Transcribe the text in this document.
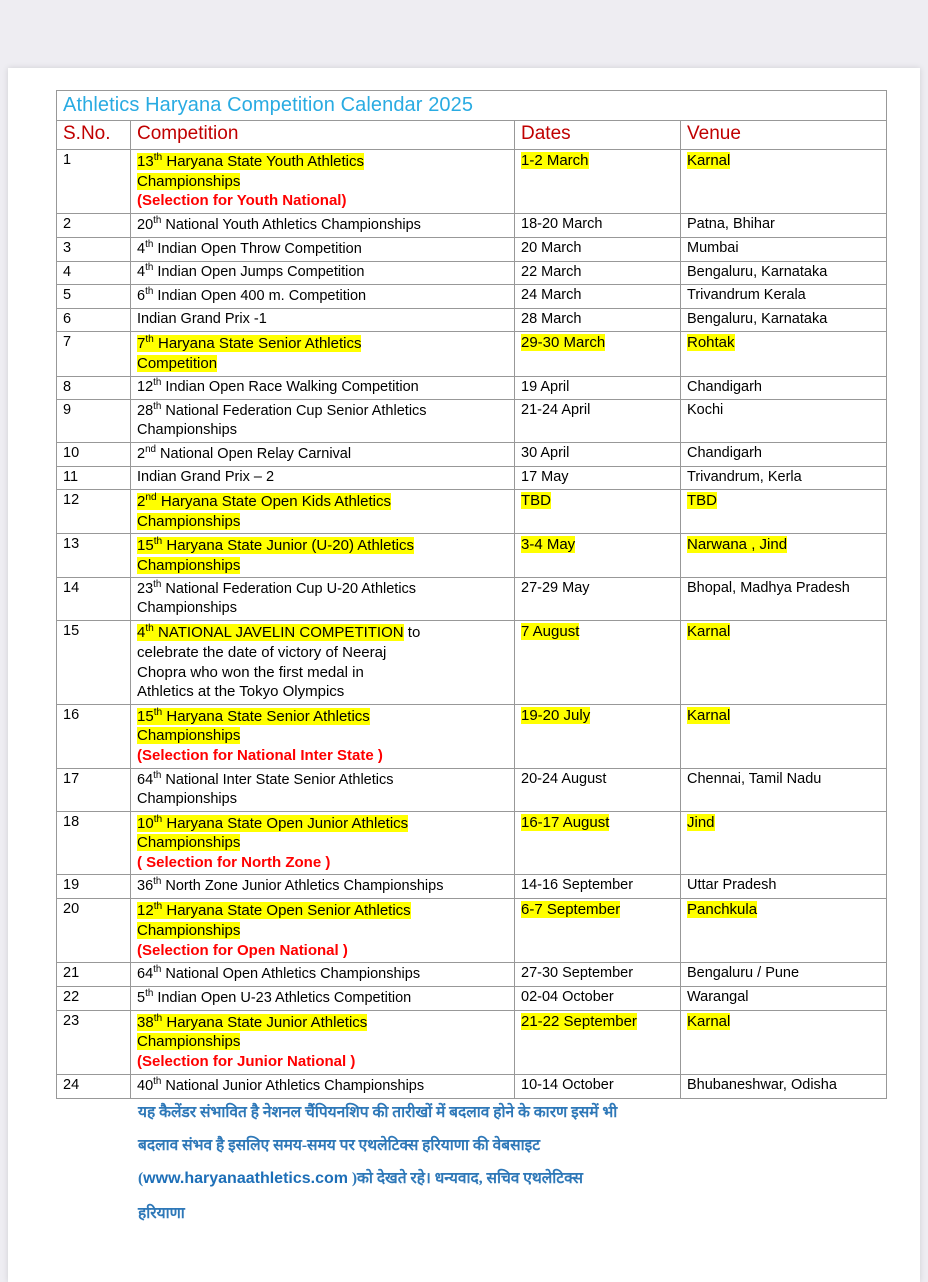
Athletics Haryana Competition Calendar 2025			
S.No.	Competition	Dates	Venue
1	13th Haryana State Youth Athletics
Championships
(Selection for Youth National)	1-2 March	Karnal
2	20th National Youth Athletics Championships	18-20 March	Patna, Bhihar
3	4th Indian Open Throw Competition	20 March	Mumbai
4	4th Indian Open Jumps Competition	22 March	Bengaluru, Karnataka
5	6th Indian Open 400 m. Competition	24 March	Trivandrum Kerala
6	Indian Grand Prix -1	28 March	Bengaluru, Karnataka
7	7th Haryana State Senior Athletics
Competition	29-30 March	Rohtak
8	12th Indian Open Race Walking Competition	19 April	Chandigarh
9	28th National Federation Cup Senior Athletics
Championships	21-24 April	Kochi
10	2nd National Open Relay Carnival	30 April	Chandigarh
11	Indian Grand Prix – 2	17 May	Trivandrum, Kerla
12	2nd Haryana State Open Kids Athletics
Championships	TBD	TBD
13	15th Haryana State Junior (U-20) Athletics
Championships	3-4 May	Narwana , Jind
14	23th National Federation Cup U-20 Athletics
Championships	27-29 May	Bhopal, Madhya Pradesh
15	4th NATIONAL JAVELIN COMPETITION to
celebrate the date of victory of Neeraj
Chopra who won the first medal in
Athletics at the Tokyo Olympics	7 August	Karnal
16	15th Haryana State Senior Athletics
Championships
(Selection for National Inter State )	19-20 July	Karnal
17	64th National Inter State Senior Athletics
Championships	20-24 August	Chennai, Tamil Nadu
18	10th Haryana State Open Junior Athletics
Championships
( Selection for North Zone )	16-17 August	Jind
19	36th North Zone Junior Athletics Championships	14-16 September	Uttar Pradesh
20	12th Haryana State Open Senior Athletics
Championships
(Selection for Open National )	6-7 September	Panchkula
21	64th National Open Athletics Championships	27-30 September	Bengaluru / Pune
22	5th Indian Open U-23 Athletics Competition	02-04 October	Warangal
23	38th Haryana State Junior Athletics
Championships
(Selection for Junior National )	21-22 September	Karnal
24	40th National Junior Athletics Championships	10-14 October	Bhubaneshwar, Odisha

यह कैलेंडर संभावित है नेशनल चैंपियनशिप की तारीखों में बदलाव होने के कारण इसमें भी

बदलाव संभव है इसलिए समय-समय पर एथलेटिक्स हरियाणा की वेबसाइट

(www.haryanaathletics.com )को देखते रहे। धन्यवाद, सचिव एथलेटिक्स

हरियाणा
